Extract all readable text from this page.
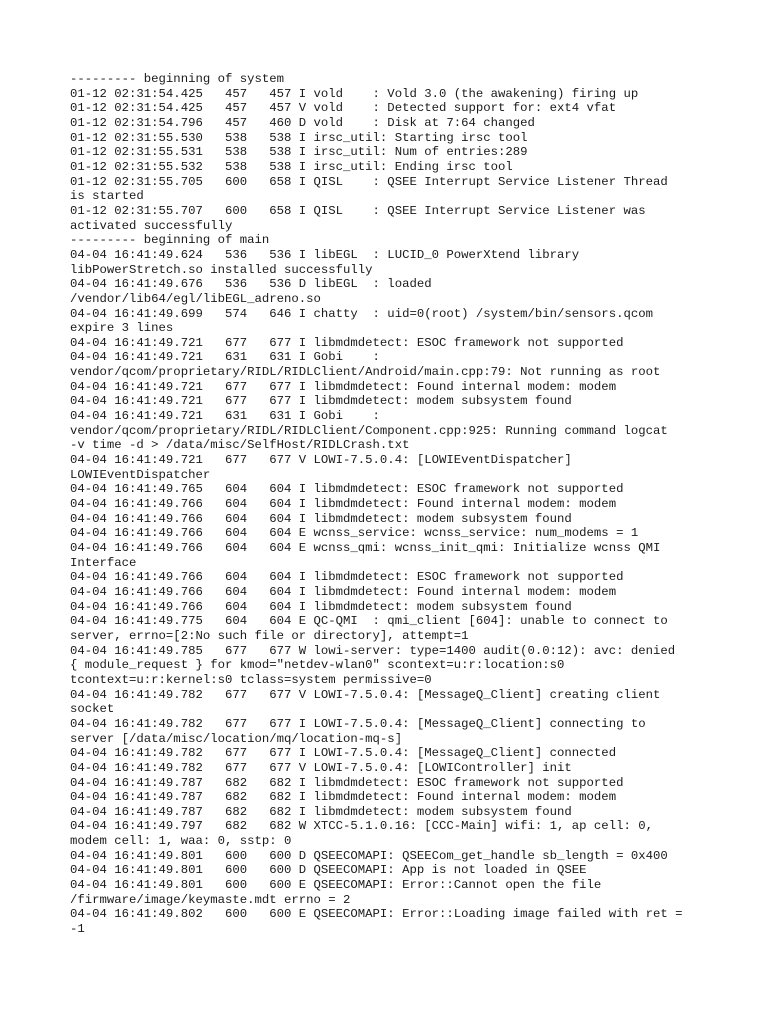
--------- beginning of system
01-12 02:31:54.425   457   457 I vold    : Vold 3.0 (the awakening) firing up
01-12 02:31:54.425   457   457 V vold    : Detected support for: ext4 vfat
01-12 02:31:54.796   457   460 D vold    : Disk at 7:64 changed
01-12 02:31:55.530   538   538 I irsc_util: Starting irsc tool
01-12 02:31:55.531   538   538 I irsc_util: Num of entries:289
01-12 02:31:55.532   538   538 I irsc_util: Ending irsc tool
01-12 02:31:55.705   600   658 I QISL    : QSEE Interrupt Service Listener Thread
is started
01-12 02:31:55.707   600   658 I QISL    : QSEE Interrupt Service Listener was
activated successfully
--------- beginning of main
04-04 16:41:49.624   536   536 I libEGL  : LUCID_0 PowerXtend library
libPowerStretch.so installed successfully
04-04 16:41:49.676   536   536 D libEGL  : loaded
/vendor/lib64/egl/libEGL_adreno.so
04-04 16:41:49.699   574   646 I chatty  : uid=0(root) /system/bin/sensors.qcom
expire 3 lines
04-04 16:41:49.721   677   677 I libmdmdetect: ESOC framework not supported
04-04 16:41:49.721   631   631 I Gobi    :
vendor/qcom/proprietary/RIDL/RIDLClient/Android/main.cpp:79: Not running as root
04-04 16:41:49.721   677   677 I libmdmdetect: Found internal modem: modem
04-04 16:41:49.721   677   677 I libmdmdetect: modem subsystem found
04-04 16:41:49.721   631   631 I Gobi    :
vendor/qcom/proprietary/RIDL/RIDLClient/Component.cpp:925: Running command logcat
-v time -d > /data/misc/SelfHost/RIDLCrash.txt
04-04 16:41:49.721   677   677 V LOWI-7.5.0.4: [LOWIEventDispatcher]
LOWIEventDispatcher
04-04 16:41:49.765   604   604 I libmdmdetect: ESOC framework not supported
04-04 16:41:49.766   604   604 I libmdmdetect: Found internal modem: modem
04-04 16:41:49.766   604   604 I libmdmdetect: modem subsystem found
04-04 16:41:49.766   604   604 E wcnss_service: wcnss_service: num_modems = 1
04-04 16:41:49.766   604   604 E wcnss_qmi: wcnss_init_qmi: Initialize wcnss QMI
Interface
04-04 16:41:49.766   604   604 I libmdmdetect: ESOC framework not supported
04-04 16:41:49.766   604   604 I libmdmdetect: Found internal modem: modem
04-04 16:41:49.766   604   604 I libmdmdetect: modem subsystem found
04-04 16:41:49.775   604   604 E QC-QMI  : qmi_client [604]: unable to connect to
server, errno=[2:No such file or directory], attempt=1
04-04 16:41:49.785   677   677 W lowi-server: type=1400 audit(0.0:12): avc: denied
{ module_request } for kmod="netdev-wlan0" scontext=u:r:location:s0
tcontext=u:r:kernel:s0 tclass=system permissive=0
04-04 16:41:49.782   677   677 V LOWI-7.5.0.4: [MessageQ_Client] creating client
socket
04-04 16:41:49.782   677   677 I LOWI-7.5.0.4: [MessageQ_Client] connecting to
server [/data/misc/location/mq/location-mq-s]
04-04 16:41:49.782   677   677 I LOWI-7.5.0.4: [MessageQ_Client] connected
04-04 16:41:49.782   677   677 V LOWI-7.5.0.4: [LOWIController] init
04-04 16:41:49.787   682   682 I libmdmdetect: ESOC framework not supported
04-04 16:41:49.787   682   682 I libmdmdetect: Found internal modem: modem
04-04 16:41:49.787   682   682 I libmdmdetect: modem subsystem found
04-04 16:41:49.797   682   682 W XTCC-5.1.0.16: [CCC-Main] wifi: 1, ap cell: 0,
modem cell: 1, waa: 0, sstp: 0
04-04 16:41:49.801   600   600 D QSEECOMAPI: QSEECom_get_handle sb_length = 0x400
04-04 16:41:49.801   600   600 D QSEECOMAPI: App is not loaded in QSEE
04-04 16:41:49.801   600   600 E QSEECOMAPI: Error::Cannot open the file
/firmware/image/keymaste.mdt errno = 2
04-04 16:41:49.802   600   600 E QSEECOMAPI: Error::Loading image failed with ret =
-1
